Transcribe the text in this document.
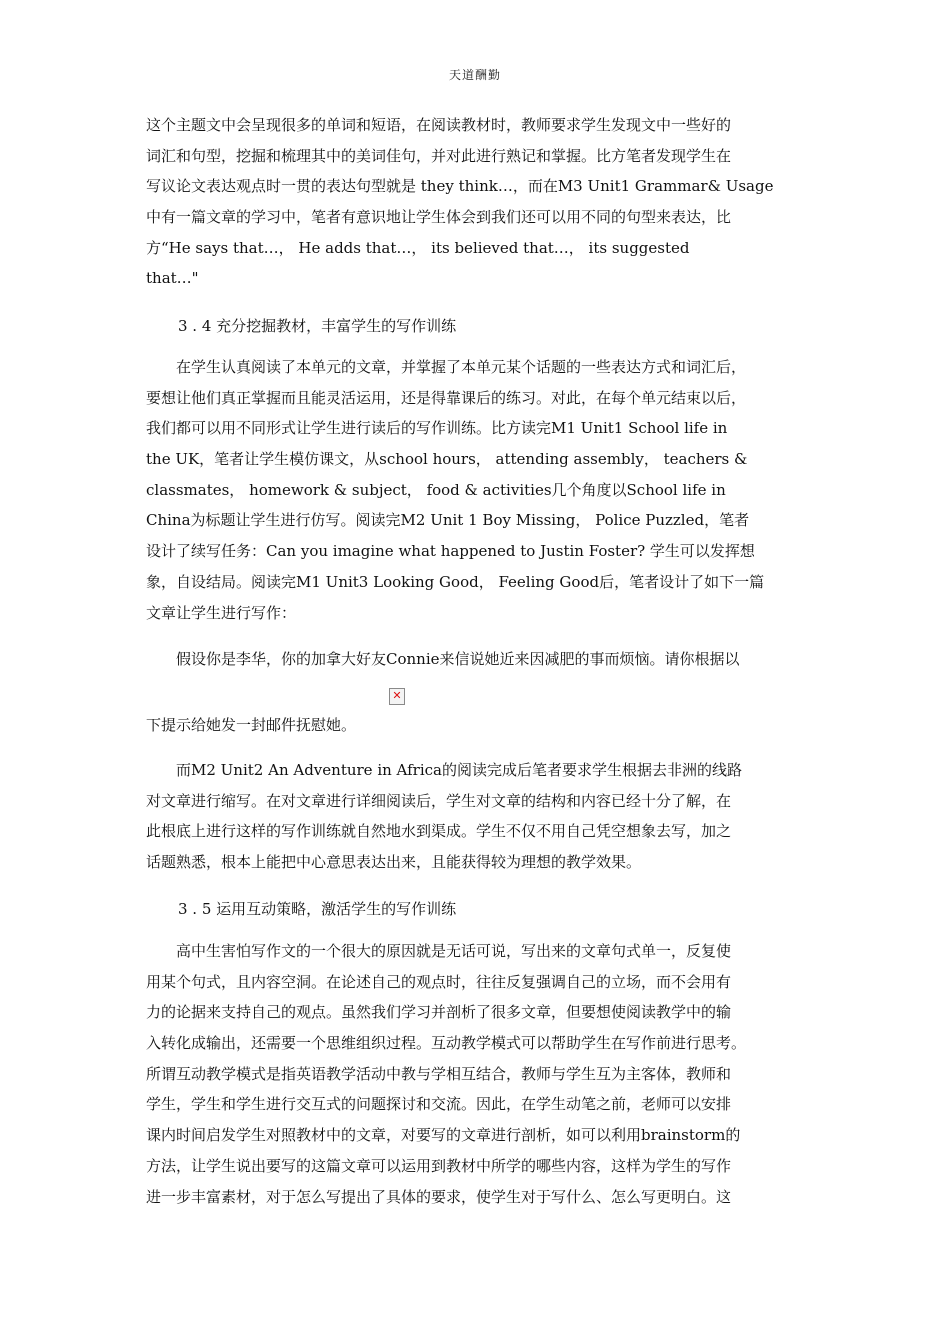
天道酬勤
这个主题文中会呈现很多的单词和短语，在阅读教材时，教师要求学生发现文中一些好的
词汇和句型，挖掘和梳理其中的美词佳句，并对此进行熟记和掌握。比方笔者发现学生在
写议论文表达观点时一贯的表达句型就是 they think…，而在M3 Unit1 Grammar& Usage
中有一篇文章的学习中，笔者有意识地让学生体会到我们还可以用不同的句型来表达，比
方“He says that…， He adds that…， its believed that…， its suggested
that…"
3 . 4 充分挖掘教材，丰富学生的写作训练
　　在学生认真阅读了本单元的文章，并掌握了本单元某个话题的一些表达方式和词汇后，
要想让他们真正掌握而且能灵活运用，还是得靠课后的练习。对此，在每个单元结束以后，
我们都可以用不同形式让学生进行读后的写作训练。比方读完M1 Unit1 School life in
the UK，笔者让学生模仿课文，从school hours， attending assembly， teachers &
classmates， homework & subject， food & activities几个角度以School life in
China为标题让学生进行仿写。阅读完M2 Unit 1 Boy Missing， Police Puzzled，笔者
设计了续写任务：Can you imagine what happened to Justin Foster? 学生可以发挥想
象，自设结局。阅读完M1 Unit3 Looking Good， Feeling Good后，笔者设计了如下一篇
文章让学生进行写作：
　　假设你是李华，你的加拿大好友Connie来信说她近来因减肥的事而烦恼。请你根据以
✕
下提示给她发一封邮件抚慰她。
　　而M2 Unit2 An Adventure in Africa的阅读完成后笔者要求学生根据去非洲的线路
对文章进行缩写。在对文章进行详细阅读后，学生对文章的结构和内容已经十分了解，在
此根底上进行这样的写作训练就自然地水到渠成。学生不仅不用自己凭空想象去写，加之
话题熟悉，根本上能把中心意思表达出来，且能获得较为理想的教学效果。
3 . 5 运用互动策略，激活学生的写作训练
　　高中生害怕写作文的一个很大的原因就是无话可说，写出来的文章句式单一，反复使
用某个句式，且内容空洞。在论述自己的观点时，往往反复强调自己的立场，而不会用有
力的论据来支持自己的观点。虽然我们学习并剖析了很多文章，但要想使阅读教学中的输
入转化成输出，还需要一个思维组织过程。互动教学模式可以帮助学生在写作前进行思考。
所谓互动教学模式是指英语教学活动中教与学相互结合，教师与学生互为主客体，教师和
学生，学生和学生进行交互式的问题探讨和交流。因此，在学生动笔之前，老师可以安排
课内时间启发学生对照教材中的文章，对要写的文章进行剖析，如可以利用brainstorm的
方法，让学生说出要写的这篇文章可以运用到教材中所学的哪些内容，这样为学生的写作
进一步丰富素材，对于怎么写提出了具体的要求，使学生对于写什么、怎么写更明白。这
